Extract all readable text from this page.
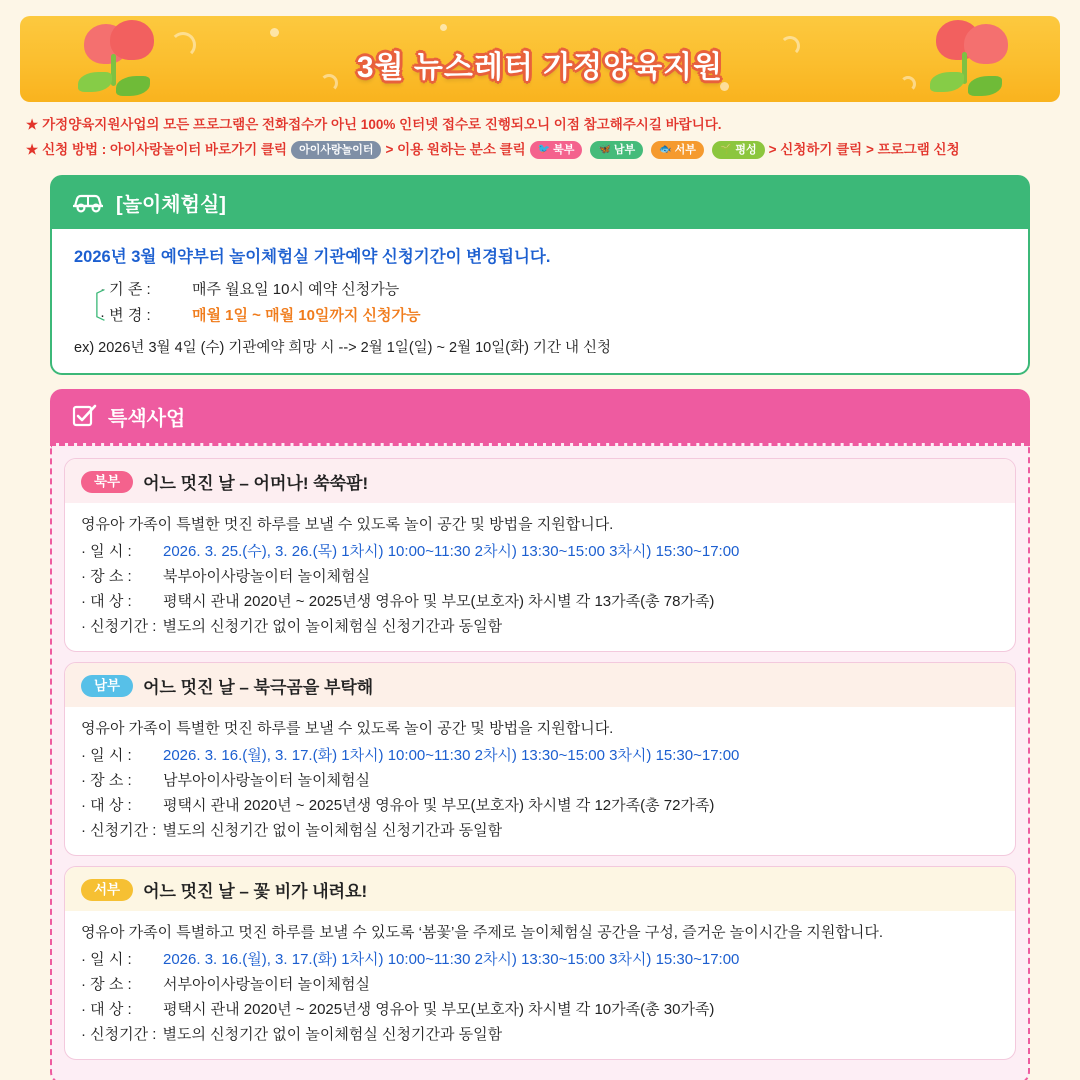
3월 뉴스레터 가정양육지원
★ 가정양육지원사업의 모든 프로그램은 전화접수가 아닌 100% 인터넷 접수로 진행되오니 이점 참고해주시길 바랍니다.
★ 신청 방법 : 아이사랑놀이터 바로가기 클릭 아이사랑놀이터 > 이용 원하는 분소 클릭 🐦 북부 🦋 남부 🐟 서부 🌱 평성 > 신청하기 클릭 > 프로그램 신청
[놀이체험실]
2026년 3월 예약부터 놀이체험실 기관예약 신청기간이 변경됩니다.
〔
· 기 존 :	매주 월요일 10시 예약 신청가능
· 변 경 :	매월 1일 ~ 매월 10일까지 신청가능
ex) 2026년 3월 4일 (수) 기관예약 희망 시 --> 2월 1일(일) ~ 2월 10일(화) 기간 내 신청
특색사업
북부	어느 멋진 날 – 어머나! 쑥쑥팜!
영유아 가족이 특별한 멋진 하루를 보낼 수 있도록 놀이 공간 및 방법을 지원합니다.
· 일 시 :	2026. 3. 25.(수), 3. 26.(목) 1차시) 10:00~11:30 2차시) 13:30~15:00 3차시) 15:30~17:00
· 장 소 :	북부아이사랑놀이터 놀이체험실
· 대 상 :	평택시 관내 2020년 ~ 2025년생 영유아 및 부모(보호자) 차시별 각 13가족(총 78가족)
· 신청기간 : 별도의 신청기간 없이 놀이체험실 신청기간과 동일함
남부	어느 멋진 날 – 북극곰을 부탁해
영유아 가족이 특별한 멋진 하루를 보낼 수 있도록 놀이 공간 및 방법을 지원합니다.
· 일 시 :	2026. 3. 16.(월), 3. 17.(화) 1차시) 10:00~11:30 2차시) 13:30~15:00 3차시) 15:30~17:00
· 장 소 :	남부아이사랑놀이터 놀이체험실
· 대 상 :	평택시 관내 2020년 ~ 2025년생 영유아 및 부모(보호자) 차시별 각 12가족(총 72가족)
· 신청기간 : 별도의 신청기간 없이 놀이체험실 신청기간과 동일함
서부	어느 멋진 날 – 꽃 비가 내려요!
영유아 가족이 특별하고 멋진 하루를 보낼 수 있도록 ‘봄꽃’을 주제로 놀이체험실 공간을 구성, 즐거운 놀이시간을 지원합니다.
· 일 시 :	2026. 3. 16.(월), 3. 17.(화) 1차시) 10:00~11:30 2차시) 13:30~15:00 3차시) 15:30~17:00
· 장 소 :	서부아이사랑놀이터 놀이체험실
· 대 상 :	평택시 관내 2020년 ~ 2025년생 영유아 및 부모(보호자) 차시별 각 10가족(총 30가족)
· 신청기간 : 별도의 신청기간 없이 놀이체험실 신청기간과 동일함
